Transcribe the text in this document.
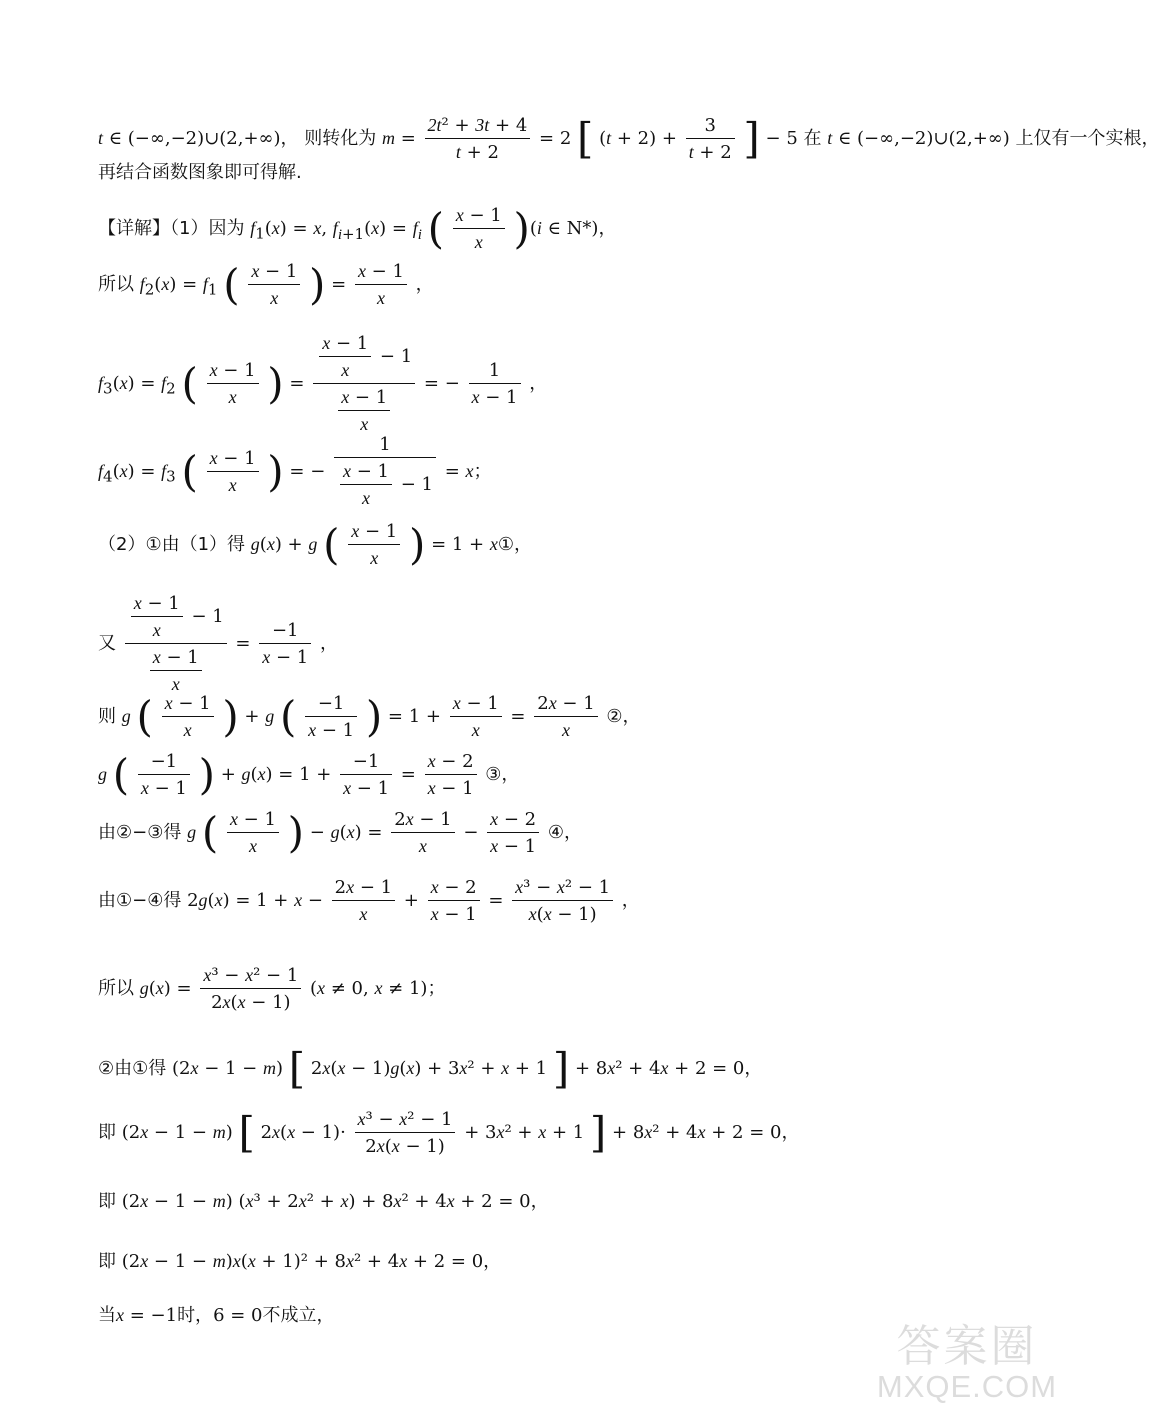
t ∈ (−∞,−2)∪(2,+∞)， 则转化为 $m = \frac{\text{2t² + 3t + 4}}{t + 2} = 2$ [ $(t + 2) + \frac{3}{t + 2}$ ] − 5 在 t ∈ (−∞,−2)∪(2,+∞) 上仅有一个实根，
再结合函数图象即可得解.
【详解】（1）因为 $f_1(x) = x$, $f_{i+1}(x) = f_i$ ( $\frac{x - 1}{x} )(i$ ∈ N*)，
所以 $f_2(x) = f_1$ ( $\frac{x - 1}{x}$ ) = $\frac{x - 1}{x}$ ，
$f_3(x) = f_2$ ( $\frac{x - 1}{x}$ ) = $\frac{\frac{x - 1}{x} - 1}{\frac{x - 1}{x}}$ = − $\frac{1}{x - 1}$ ，
$f_4(x) = f_3$ ( $\frac{x - 1}{x}$ ) = − $\frac{1}{\frac{x - 1}{x} - 1} = x$；
（2）①由（1）得 g(x) + g ( $\frac{x - 1}{x}$ ) = 1 + x①，
又 $\frac{\frac{x - 1}{x} - 1}{\frac{x - 1}{x}} = \frac{-1}{x - 1}$ ，
则 g ( $\frac{x - 1}{x}$ ) + g ( $\frac{-1}{x - 1}$ ) = $1 + \frac{x - 1}{x} = \frac{2x - 1}{x}$ ②，
g ( $\frac{-1}{x - 1}$ ) + $g(x) = 1 + \frac{-1}{x - 1} = \frac{x - 2}{x - 1}$ ③，
由②−③得 g ( $\frac{x - 1}{x}$ ) − $g(x) = \frac{2x - 1}{x} - \frac{x - 2}{x - 1}$ ④，
由①−④得 $2g(x) = 1 + x - \frac{2x - 1}{x} + \frac{x - 2}{x - 1} = \frac{\text{x³ − x² − 1}}{x(x - 1)}$ ，
所以 $g(x) = \frac{\text{x³ − x² − 1}}{2x(x - 1)} (x \ne 0$, x ≠ 1)；
②由①得 (2x − 1 − m) [ 2x(x − 1)g(x) + 3x² + x + 1 ] + 8x² + 4x + 2 = 0，
即 (2x − 1 − m) [ $2x(x - 1)\cdot \frac{\text{x³ − x² − 1}}{2x(x - 1)} + 3x^2 + x + 1$ ] + 8x² + 4x + 2 = 0，
即 (2x − 1 − m) (x³ + 2x² + x) + 8x² + 4x + 2 = 0，
即 (2x − 1 − m)x(x + 1)² + 8x² + 4x + 2 = 0，
当x = −1时，6 = 0不成立，
答案圈
MXQE.COM
